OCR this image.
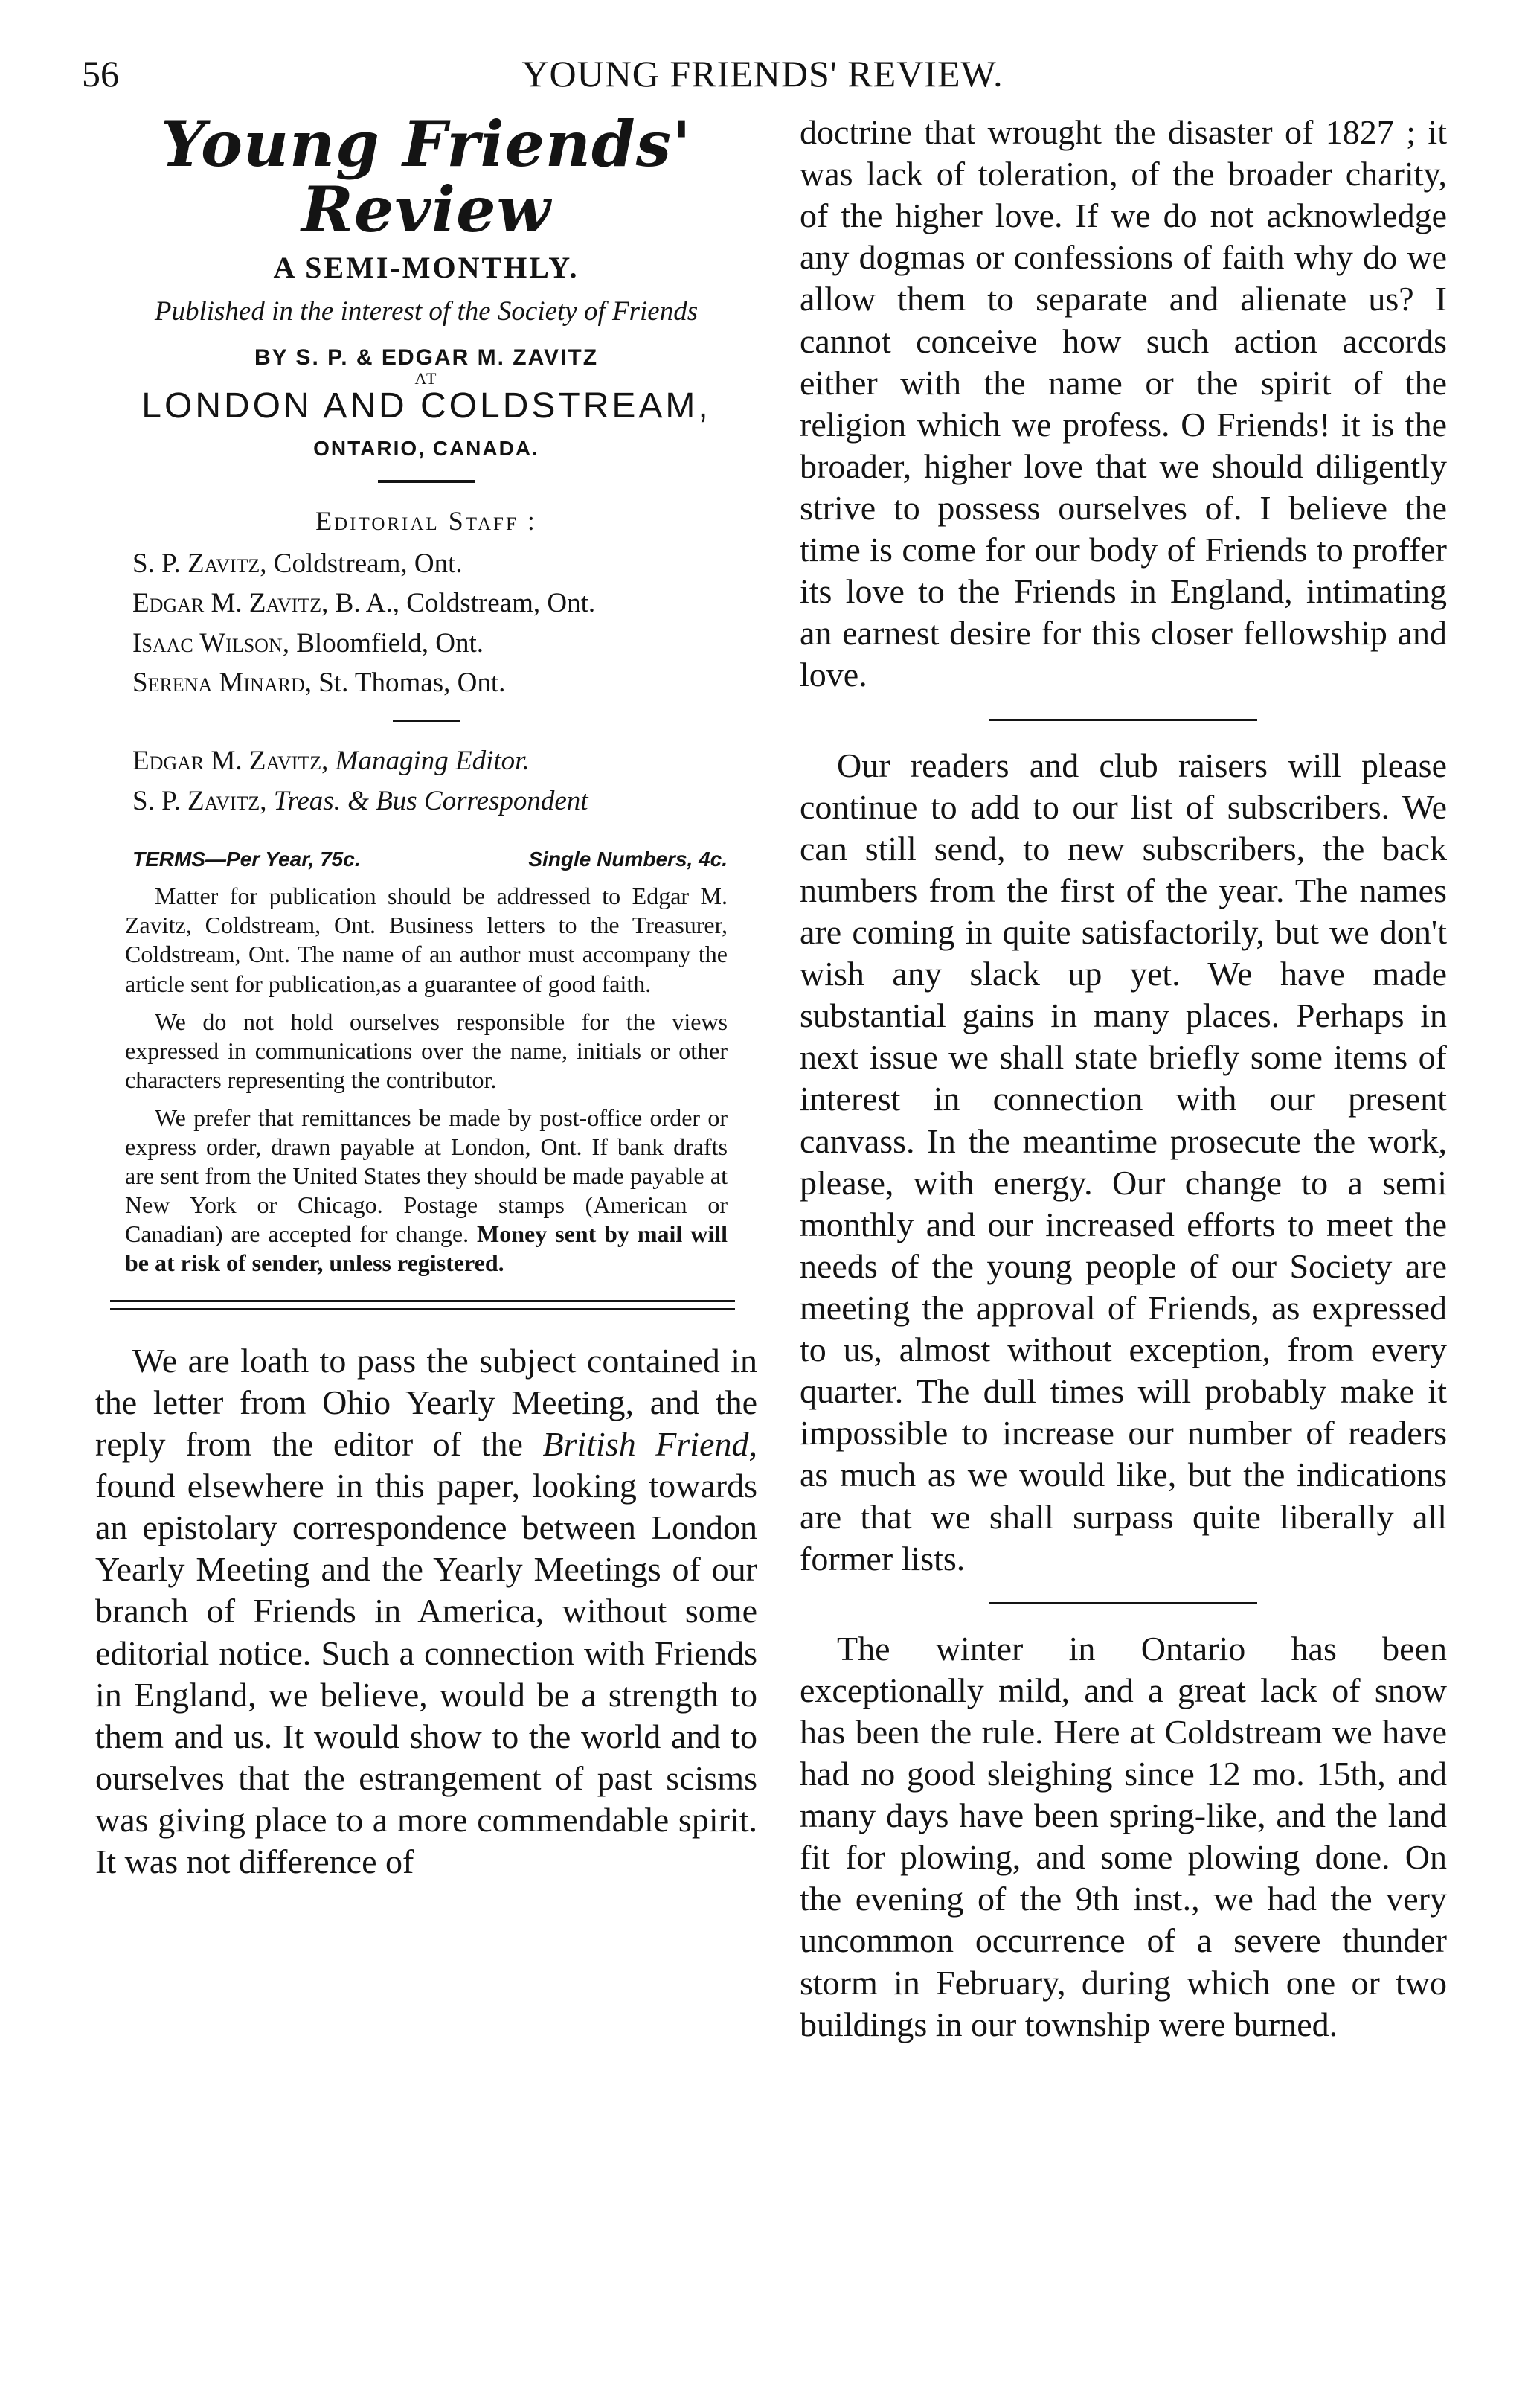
56	YOUNG FRIENDS' REVIEW.
Young Friends' Review
A SEMI-MONTHLY.
Published in the interest of the Society of Friends
BY S. P. & EDGAR M. ZAVITZ
AT
LONDON AND COLDSTREAM,
ONTARIO, CANADA.
Editorial Staff :
S. P. Zavitz, Coldstream, Ont.
Edgar M. Zavitz, B. A., Coldstream, Ont.
Isaac Wilson, Bloomfield, Ont.
Serena Minard, St. Thomas, Ont.
Edgar M. Zavitz, Managing Editor.
S. P. Zavitz, Treas. & Bus Correspondent
TERMS—Per Year, 75c.	Single Numbers, 4c.

Matter for publication should be addressed to Edgar M. Zavitz, Coldstream, Ont. Business letters to the Treasurer, Coldstream, Ont. The name of an author must accompany the article sent for publication,as a guarantee of good faith.

We do not hold ourselves responsible for the views expressed in communications over the name, initials or other characters representing the contributor.

We prefer that remittances be made by post-office order or express order, drawn payable at London, Ont. If bank drafts are sent from the United States they should be made payable at New York or Chicago. Postage stamps (American or Canadian) are accepted for change. Money sent by mail will be at risk of sender, unless registered.

We are loath to pass the subject contained in the letter from Ohio Yearly Meeting, and the reply from the editor of the British Friend, found elsewhere in this paper, looking towards an epistolary correspondence between London Yearly Meeting and the Yearly Meetings of our branch of Friends in America, without some editorial notice. Such a connection with Friends in England, we believe, would be a strength to them and us. It would show to the world and to ourselves that the estrangement of past scisms was giving place to a more commendable spirit. It was not difference of

doctrine that wrought the disaster of 1827 ; it was lack of toleration, of the broader charity, of the higher love. If we do not acknowledge any dogmas or confessions of faith why do we allow them to separate and alienate us? I cannot conceive how such action accords either with the name or the spirit of the religion which we profess. O Friends! it is the broader, higher love that we should diligently strive to possess ourselves of. I believe the time is come for our body of Friends to proffer its love to the Friends in England, intimating an earnest desire for this closer fellowship and love.

Our readers and club raisers will please continue to add to our list of subscribers. We can still send, to new subscribers, the back numbers from the first of the year. The names are coming in quite satisfactorily, but we don't wish any slack up yet. We have made substantial gains in many places. Perhaps in next issue we shall state briefly some items of interest in connection with our present canvass. In the meantime prosecute the work, please, with energy. Our change to a semi monthly and our increased efforts to meet the needs of the young people of our Society are meeting the approval of Friends, as expressed to us, almost without exception, from every quarter. The dull times will probably make it impossible to increase our number of readers as much as we would like, but the indications are that we shall surpass quite liberally all former lists.

The winter in Ontario has been exceptionally mild, and a great lack of snow has been the rule. Here at Coldstream we have had no good sleighing since 12 mo. 15th, and many days have been spring-like, and the land fit for plowing, and some plowing done. On the evening of the 9th inst., we had the very uncommon occurrence of a severe thunder storm in February, during which one or two buildings in our township were burned.
